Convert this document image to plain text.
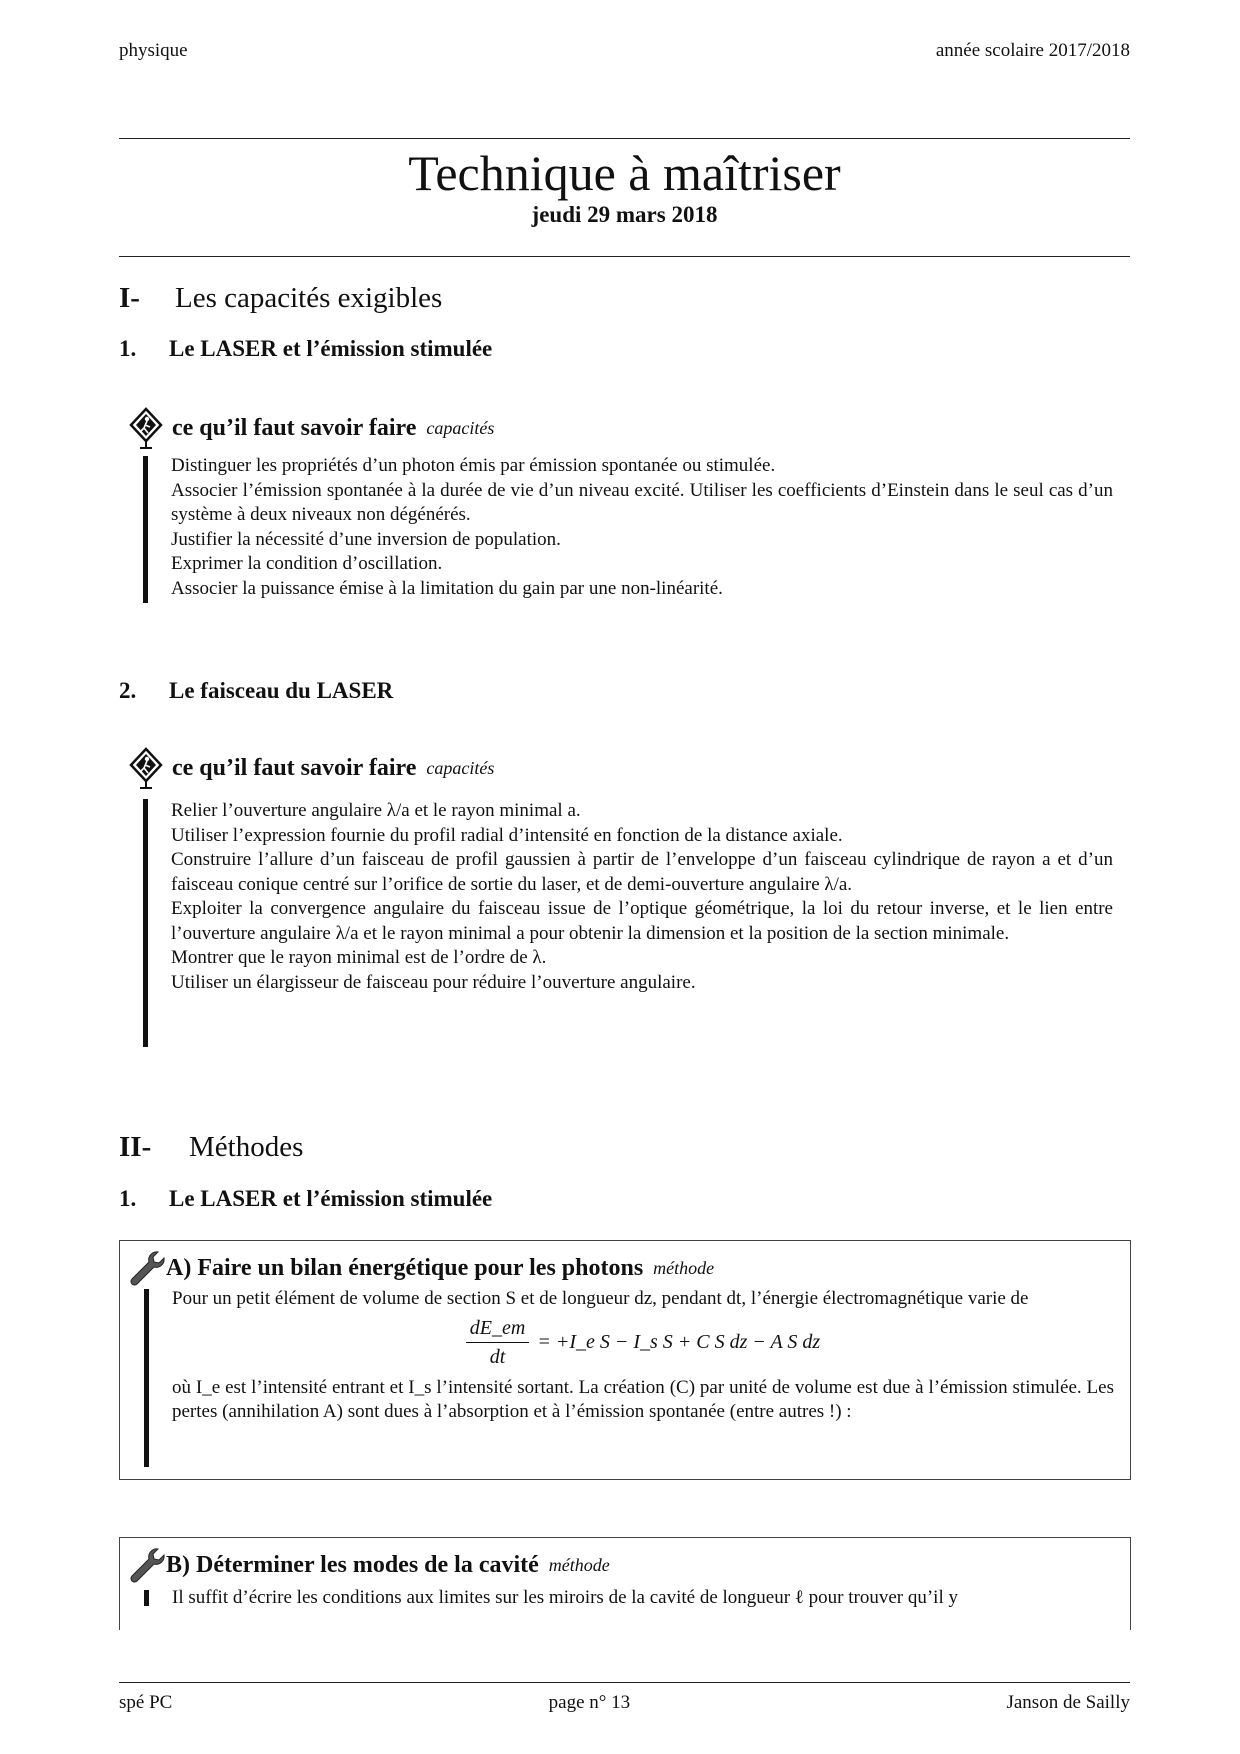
physique	année scolaire 2017/2018
Technique à maîtriser
jeudi 29 mars 2018
I-	Les capacités exigibles
1.	Le LASER et l’émission stimulée
ce qu’il faut savoir faire capacités

Distinguer les propriétés d’un photon émis par émission spontanée ou stimulée.

Associer l’émission spontanée à la durée de vie d’un niveau excité. Utiliser les coefficients d’Einstein dans le seul cas d’un système à deux niveaux non dégénérés.

Justifier la nécessité d’une inversion de population.

Exprimer la condition d’oscillation.

Associer la puissance émise à la limitation du gain par une non-linéarité.

2.	Le faisceau du LASER
ce qu’il faut savoir faire capacités

Relier l’ouverture angulaire λ/a et le rayon minimal a.

Utiliser l’expression fournie du profil radial d’intensité en fonction de la distance axiale.

Construire l’allure d’un faisceau de profil gaussien à partir de l’enveloppe d’un faisceau cylindrique de rayon a et d’un faisceau conique centré sur l’orifice de sortie du laser, et de demi-ouverture angulaire λ/a.

Exploiter la convergence angulaire du faisceau issue de l’optique géométrique, la loi du retour inverse, et le lien entre l’ouverture angulaire λ/a et le rayon minimal a pour obtenir la dimension et la position de la section minimale.

Montrer que le rayon minimal est de l’ordre de λ.

Utiliser un élargisseur de faisceau pour réduire l’ouverture angulaire.

II-	Méthodes
1.	Le LASER et l’émission stimulée
A) Faire un bilan énergétique pour les photons méthode

Pour un petit élément de volume de section S et de longueur dz, pendant dt, l’énergie électromagnétique varie de

$\frac{dE\_em}{dt}$ = +I_e S − I_s S + C S dz − A S dz

où I_e est l’intensité entrant et I_s l’intensité sortant. La création (C) par unité de volume est due à l’émission stimulée. Les pertes (annihilation A) sont dues à l’absorption et à l’émission spontanée (entre autres !) :

B) Déterminer les modes de la cavité méthode

Il suffit d’écrire les conditions aux limites sur les miroirs de la cavité de longueur ℓ pour trouver qu’il y

spé PC	page n° 13	Janson de Sailly
